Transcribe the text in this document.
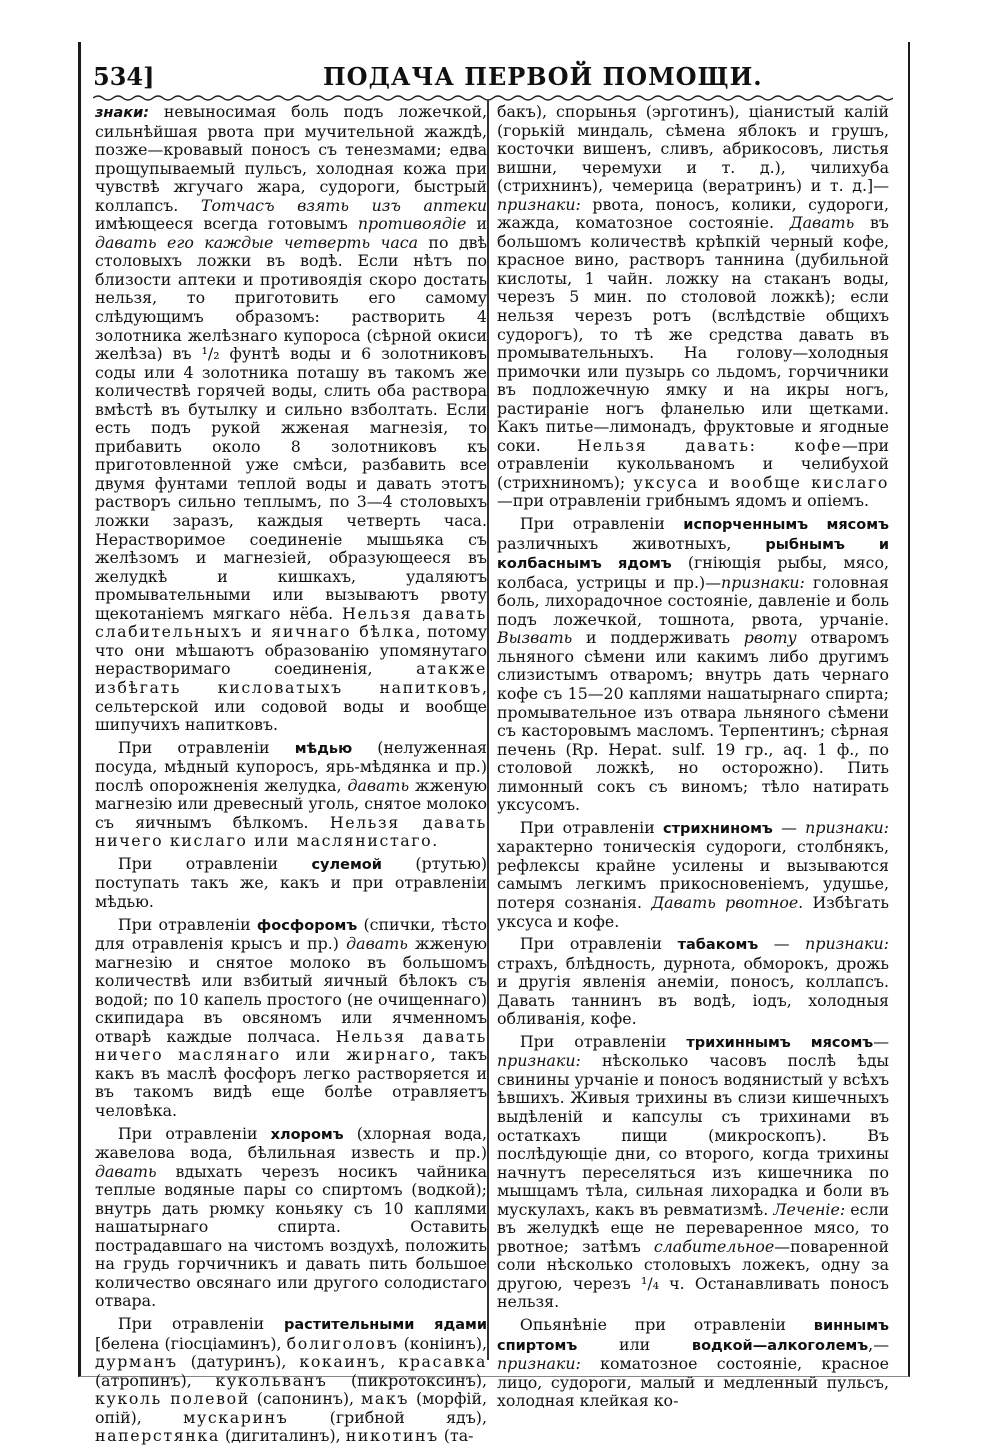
534]	ПОДАЧА ПЕРВОЙ ПОМОЩИ.

знаки: невыносимая боль подъ ложечкой, сильнѣйшая рвота при мучительной жаждѣ, позже—кровавый поносъ съ тенезмами; едва прощупываемый пульсъ, холодная кожа при чувствѣ жгучаго жара, судороги, быстрый коллапсъ. Тотчасъ взять изъ аптеки имѣющееся всегда готовымъ противоядіе и давать его каждые четверть часа по двѣ столовыхъ ложки въ водѣ. Если нѣтъ по близости аптеки и противоядія скоро достать нельзя, то приготовить его самому слѣдующимъ образомъ: растворить 4 золотника желѣзнаго купороса (сѣрной окиси желѣза) въ ¹/₂ фунтѣ воды и 6 золотниковъ соды или 4 золотника поташу въ такомъ же количествѣ горячей воды, слить оба раствора вмѣстѣ въ бутылку и сильно взболтать. Если есть подъ рукой жженая магнезія, то прибавить около 8 золотниковъ къ приготовленной уже смѣси, разбавить все двумя фунтами теплой воды и давать этотъ растворъ сильно теплымъ, по 3—4 столовыхъ ложки заразъ, каждыя четверть часа. Нерастворимое соединеніе мышьяка съ желѣзомъ и магнезіей, образующееся въ желудкѣ и кишкахъ, удаляютъ промывательными или вызываютъ рвоту щекотаніемъ мягкаго нёба. Нельзя давать слабительныхъ и яичнаго бѣлка, потому что они мѣшаютъ образованію упомянутаго нерастворимаго соединенія, атакже избѣгать кисловатыхъ напитковъ, сельтерской или содовой воды и вообще шипучихъ напитковъ.

При отравленіи мѣдью (нелуженная посуда, мѣдный купоросъ, ярь-мѣдянка и пр.) послѣ опорожненія желудка, давать жженую магнезію или древесный уголь, снятое молоко съ яичнымъ бѣлкомъ. Нельзя давать ничего кислаго или маслянистаго.

При отравленіи сулемой (ртутью) поступать такъ же, какъ и при отравленіи мѣдью.

При отравленіи фосфоромъ (спички, тѣсто для отравленія крысъ и пр.) давать жженую магнезію и снятое молоко въ большомъ количествѣ или взбитый яичный бѣлокъ съ водой; по 10 капель простого (не очищеннаго) скипидара въ овсяномъ или ячменномъ отварѣ каждые полчаса. Нельзя давать ничего маслянаго или жирнаго, такъ какъ въ маслѣ фосфоръ легко растворяется и въ такомъ видѣ еще болѣе отравляетъ человѣка.

При отравленіи хлоромъ (хлорная вода, жавелова вода, бѣлильная известь и пр.) давать вдыхать черезъ носикъ чайника теплые водяные пары со спиртомъ (водкой); внутрь дать рюмку коньяку съ 10 каплями нашатырнаго спирта. Оставить пострадавшаго на чистомъ воздухѣ, положить на грудь горчичникъ и давать пить большое количество овсянаго или другого солодистаго отвара.

При отравленіи растительными ядами [белена (гіосціаминъ), болиголовъ (конiинъ), дурманъ (датуринъ), кокаинъ, красавка (атропинъ), кукольванъ (пикротоксинъ), куколь полевой (сапонинъ), макъ (морфій, опій), мускаринъ (грибной ядъ), наперстянка (дигиталинъ), никотинъ (та-

бакъ), спорынья (эрготинъ), ціанистый калій (горькій миндаль, сѣмена яблокъ и грушъ, косточки вишенъ, сливъ, абрикосовъ, листья вишни, черемухи и т. д.), чилихуба (стрихнинъ), чемерица (вератринъ) и т. д.]—признаки: рвота, поносъ, колики, судороги, жажда, коматозное состояніе. Давать въ большомъ количествѣ крѣпкій черный кофе, красное вино, растворъ таннина (дубильной кислоты, 1 чайн. ложку на стаканъ воды, черезъ 5 мин. по столовой ложкѣ); если нельзя черезъ ротъ (вслѣдствіе общихъ судорогъ), то тѣ же средства давать въ промывательныхъ. На голову—холодныя примочки или пузырь со льдомъ, горчичники въ подложечную ямку и на икры ногъ, растираніе ногъ фланелью или щетками. Какъ питье—лимонадъ, фруктовые и ягодные соки. Нельзя давать: кофе—при отравленіи кукольваномъ и челибухой (стрихниномъ); уксуса и вообще кислаго—при отравленіи грибнымъ ядомъ и опіемъ.

При отравленіи испорченнымъ мясомъ различныхъ животныхъ, рыбнымъ и колбаснымъ ядомъ (гніющія рыбы, мясо, колбаса, устрицы и пр.)—признаки: головная боль, лихорадочное состояніе, давленіе и боль подъ ложечкой, тошнота, рвота, урчаніе. Вызвать и поддерживать рвоту отваромъ льняного сѣмени или какимъ либо другимъ слизистымъ отваромъ; внутрь дать чернаго кофе съ 15—20 каплями нашатырнаго спирта; промывательное изъ отвара льняного сѣмени съ касторовымъ масломъ. Терпентинъ; сѣрная печень (Rp. Hepat. sulf. 19 гр., aq. 1 ф., по столовой ложкѣ, но осторожно). Пить лимонный сокъ съ виномъ; тѣло натирать уксусомъ.

При отравленіи стрихниномъ — признаки: характерно тоническія судороги, столбнякъ, рефлексы крайне усилены и вызываются самымъ легкимъ прикосновеніемъ, удушье, потеря сознанія. Давать рвотное. Избѣгать уксуса и кофе.

При отравленіи табакомъ — признаки: страхъ, блѣдность, дурнота, обморокъ, дрожь и другія явленія анеміи, поносъ, коллапсъ. Давать таннинъ въ водѣ, іодъ, холодныя обливанія, кофе.

При отравленіи трихиннымъ мясомъ—признаки: нѣсколько часовъ послѣ ѣды свинины урчаніе и поносъ водянистый у всѣхъ ѣвшихъ. Живыя трихины въ слизи кишечныхъ выдѣленій и капсулы съ трихинами въ остаткахъ пищи (микроскопъ). Въ послѣдующіе дни, со второго, когда трихины начнутъ переселяться изъ кишечника по мышцамъ тѣла, сильная лихорадка и боли въ мускулахъ, какъ въ ревматизмѣ. Леченіе: если въ желудкѣ еще не переваренное мясо, то рвотное; затѣмъ слабительное—поваренной соли нѣсколько столовыхъ ложекъ, одну за другою, черезъ ¹/₄ ч. Останавливать поносъ нельзя.

Опьянѣніе при отравленіи виннымъ спиртомъ или водкой—алкоголемъ,—признаки: коматозное состояніе, красное лицо, судороги, малый и медленный пульсъ, холодная клейкая ко-
